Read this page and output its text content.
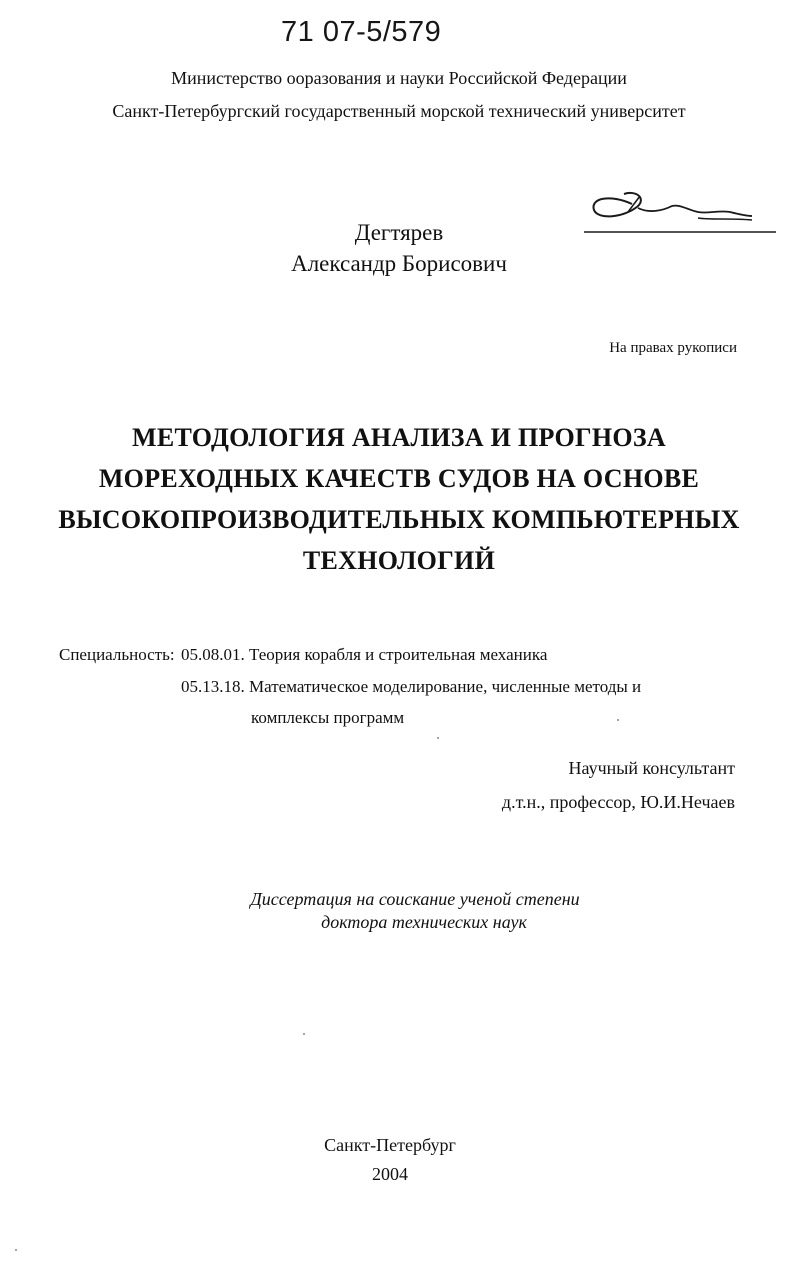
71 07-5/579
Министерство ооразования и науки Российской Федерации
Санкт-Петербургский государственный морской технический университет
Дегтярев
Александр Борисович
На правах рукописи
МЕТОДОЛОГИЯ АНАЛИЗА И ПРОГНОЗА
МОРЕХОДНЫХ КАЧЕСТВ СУДОВ НА ОСНОВЕ
ВЫСОКОПРОИЗВОДИТЕЛЬНЫХ КОМПЬЮТЕРНЫХ
ТЕХНОЛОГИЙ
Специальность: 05.08.01. Теория корабля и строительная механика
05.13.18. Математическое моделирование, численные методы и
комплексы программ
Научный консультант
д.т.н., профессор, Ю.И.Нечаев
Диссертация на соискание ученой степени
доктора технических наук
Санкт-Петербург
2004
